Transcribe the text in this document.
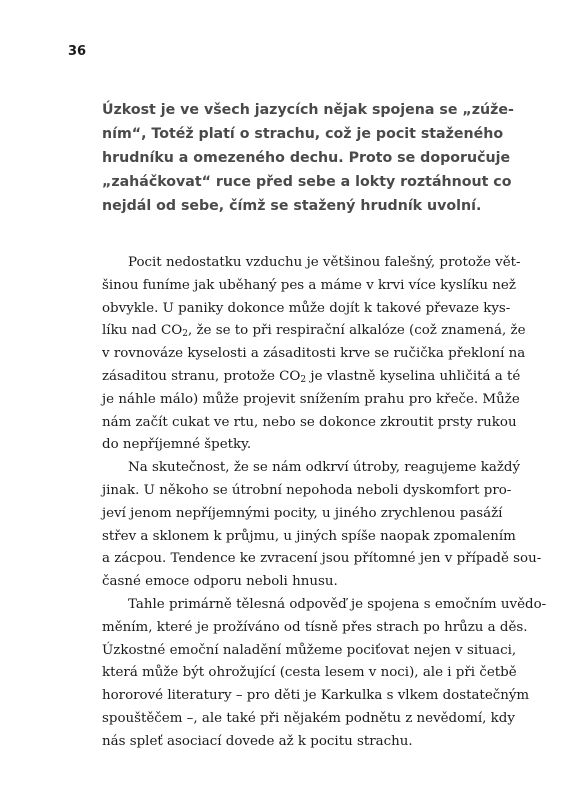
36

Úzkost je ve všech jazycích nějak spojena se „zúže-
ním“, Totéž platí o strachu, což je pocit staženého
hrudníku a omezeného dechu. Proto se doporučuje
„zaháčkovat“ ruce před sebe a lokty roztáhnout co
nejdál od sebe, čímž se stažený hrudník uvolní.
Pocit nedostatku vzduchu je většinou falešný, protože vět-
šinou funíme jak uběhaný pes a máme v krvi více kyslíku než
obvykle. U paniky dokonce může dojít k takové převaze kys-
líku nad $CO_2$, že se to při respirační alkalóze (což znamená, že
v rovnováze kyselosti a zásaditosti krve se ručička překloní na
zásaditou stranu, protože $CO_2$ je vlastně kyselina uhličitá a té
je náhle málo) může projevit snížením prahu pro křeče. Může
nám začít cukat ve rtu, nebo se dokonce zkroutit prsty rukou
do nepříjemné špetky.
Na skutečnost, že se nám odkrví útroby, reagujeme každý
jinak. U někoho se útrobní nepohoda neboli dyskomfort pro-
jeví jenom nepříjemnými pocity, u jiného zrychlenou pasáží
střev a sklonem k průjmu, u jiných spíše naopak zpomalením
a zácpou. Tendence ke zvracení jsou přítomné jen v případě sou-
časné emoce odporu neboli hnusu.
Tahle primárně tělesná odpověď je spojena s emočním uvědo-
měním, které je prožíváno od tísně přes strach po hrůzu a děs.
Úzkostné emoční naladění můžeme pociťovat nejen v situaci,
která může být ohrožující (cesta lesem v noci), ale i při četbě
hororové literatury – pro děti je Karkulka s vlkem dostatečným
spouštěčem –, ale také při nějakém podnětu z nevědomí, kdy
nás spleť asociací dovede až k pocitu strachu.
